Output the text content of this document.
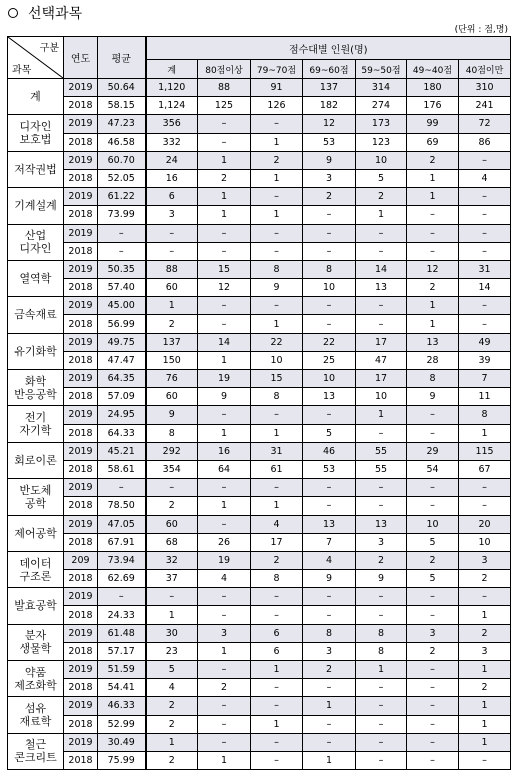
선택과목
(단위 : 점,명)
구분
과목	연도	평균	점수대별 인원(명)						
			계	80점이상	79~70점	69~60점	59~50점	49~40점	40점이만
계	2019	50.64	1,120	88	91	137	314	180	310
	2018	58.15	1,124	125	126	182	274	176	241
디자인
보호법	2019	47.23	356	–	–	12	173	99	72
	2018	46.58	332	–	1	53	123	69	86
저작권법	2019	60.70	24	1	2	9	10	2	–
	2018	52.05	16	2	1	3	5	1	4
기계설계	2019	61.22	6	1	–	2	2	1	–
	2018	73.99	3	1	1	–	1	–	–
산업
디자인	2019	–	–	–	–	–	–	–	–
	2018	–	–	–	–	–	–	–	–
열역학	2019	50.35	88	15	8	8	14	12	31
	2018	57.40	60	12	9	10	13	2	14
금속재료	2019	45.00	1	–	–	–	–	1	–
	2018	56.99	2	–	1	–	–	1	–
유기화학	2019	49.75	137	14	22	22	17	13	49
	2018	47.47	150	1	10	25	47	28	39
화학
반응공학	2019	64.35	76	19	15	10	17	8	7
	2018	57.09	60	9	8	13	10	9	11
전기
자기학	2019	24.95	9	–	–	–	1	–	8
	2018	64.33	8	1	1	5	–	–	1
회로이론	2019	45.21	292	16	31	46	55	29	115
	2018	58.61	354	64	61	53	55	54	67
반도체
공학	2019	–	–	–	–	–	–	–	–
	2018	78.50	2	1	1	–	–	–	–
제어공학	2019	47.05	60	–	4	13	13	10	20
	2018	67.91	68	26	17	7	3	5	10
데이터
구조론	209	73.94	32	19	2	4	2	2	3
	2018	62.69	37	4	8	9	9	5	2
발효공학	2019	–	–	–	–	–	–	–	–
	2018	24.33	1	–	–	–	–	–	1
분자
생물학	2019	61.48	30	3	6	8	8	3	2
	2018	57.17	23	1	6	3	8	2	3
약품
제조화학	2019	51.59	5	–	1	2	1	–	1
	2018	54.41	4	2	–	–	–	–	2
섬유
재료학	2019	46.33	2	–	–	1	–	–	1
	2018	52.99	2	–	1	–	–	–	1
철근
콘크리트	2019	30.49	1	–	–	–	–	–	1
	2018	75.99	2	1	–	1	–	–	–
